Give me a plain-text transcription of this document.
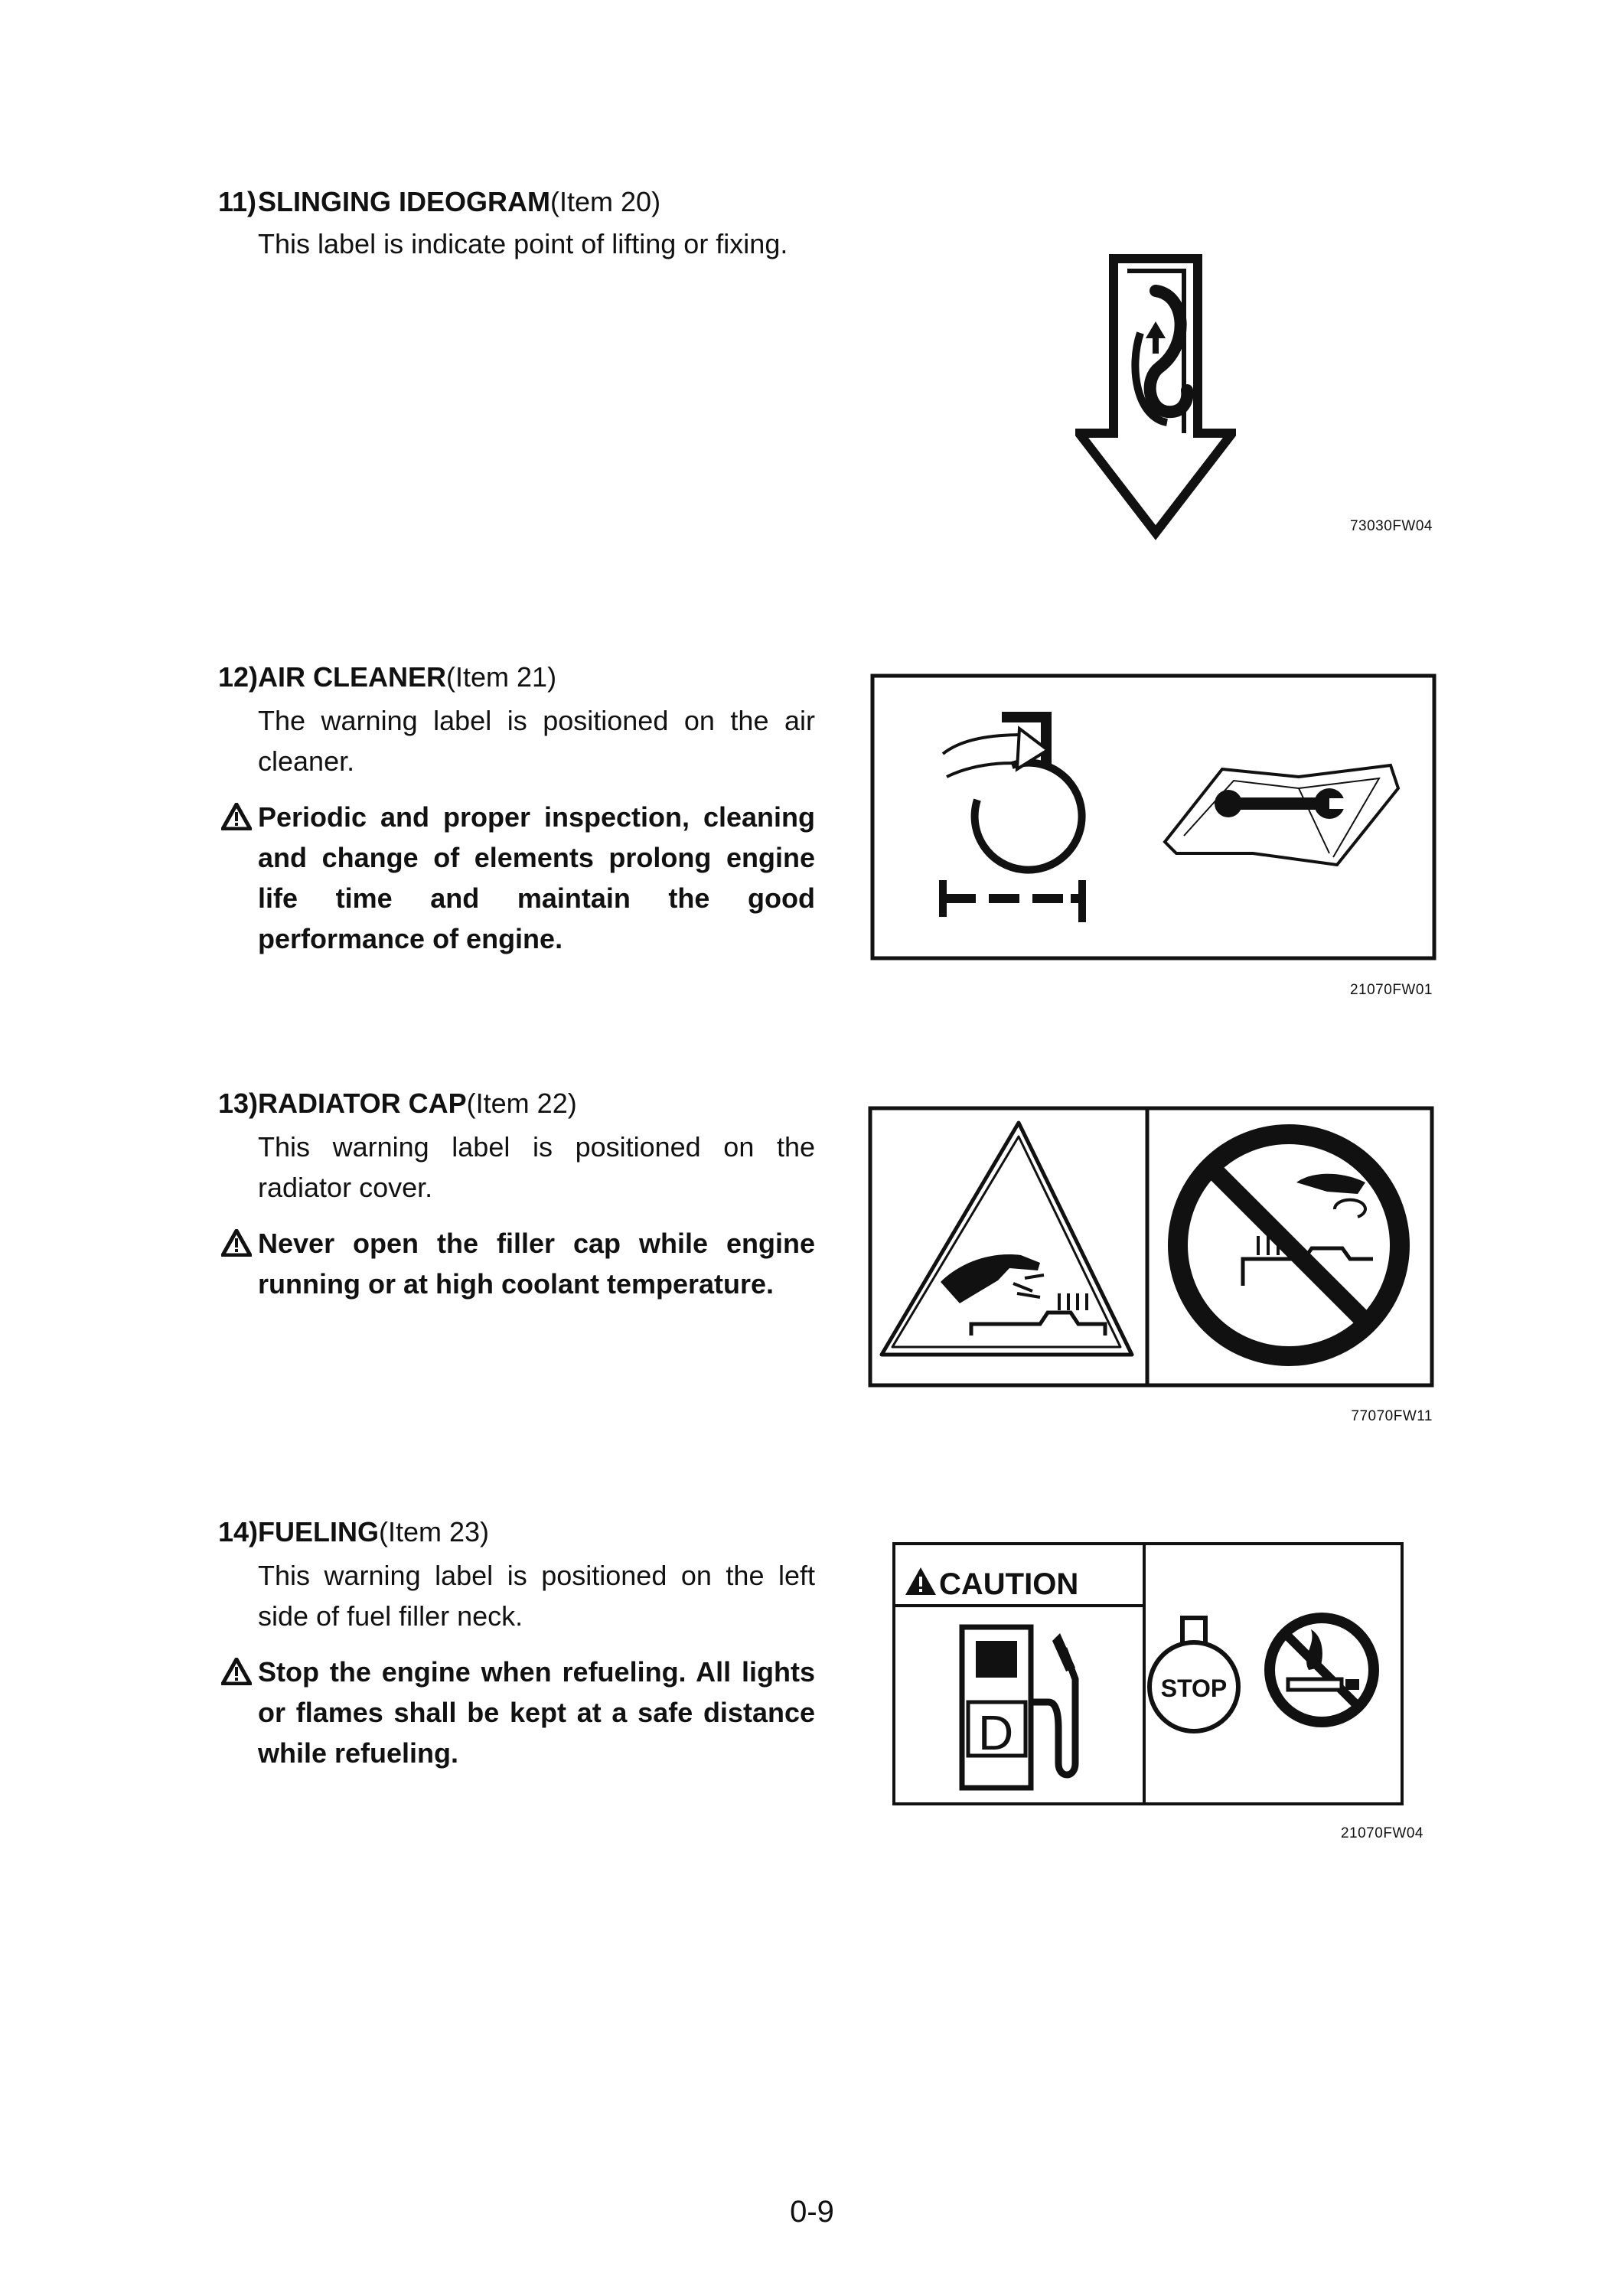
11)SLINGING IDEOGRAM(Item 20)

This label is indicate point of lifting or fixing.

73030FW04

12)AIR CLEANER(Item 21)

The warning label is positioned on the air cleaner.

Periodic and proper inspection, cleaning and change of elements prolong engine life time and maintain the good performance of engine.

21070FW01

13)RADIATOR CAP(Item 22)

This warning label is positioned on the radiator cover.

Never open the filler cap while engine running or at high coolant temperature.

77070FW11

14)FUELING(Item 23)

This warning label is positioned on the left side of fuel filler neck.

Stop the engine when refueling. All lights or flames shall be kept at a safe distance while refueling.

CAUTION
D
STOP
21070FW04
0-9
